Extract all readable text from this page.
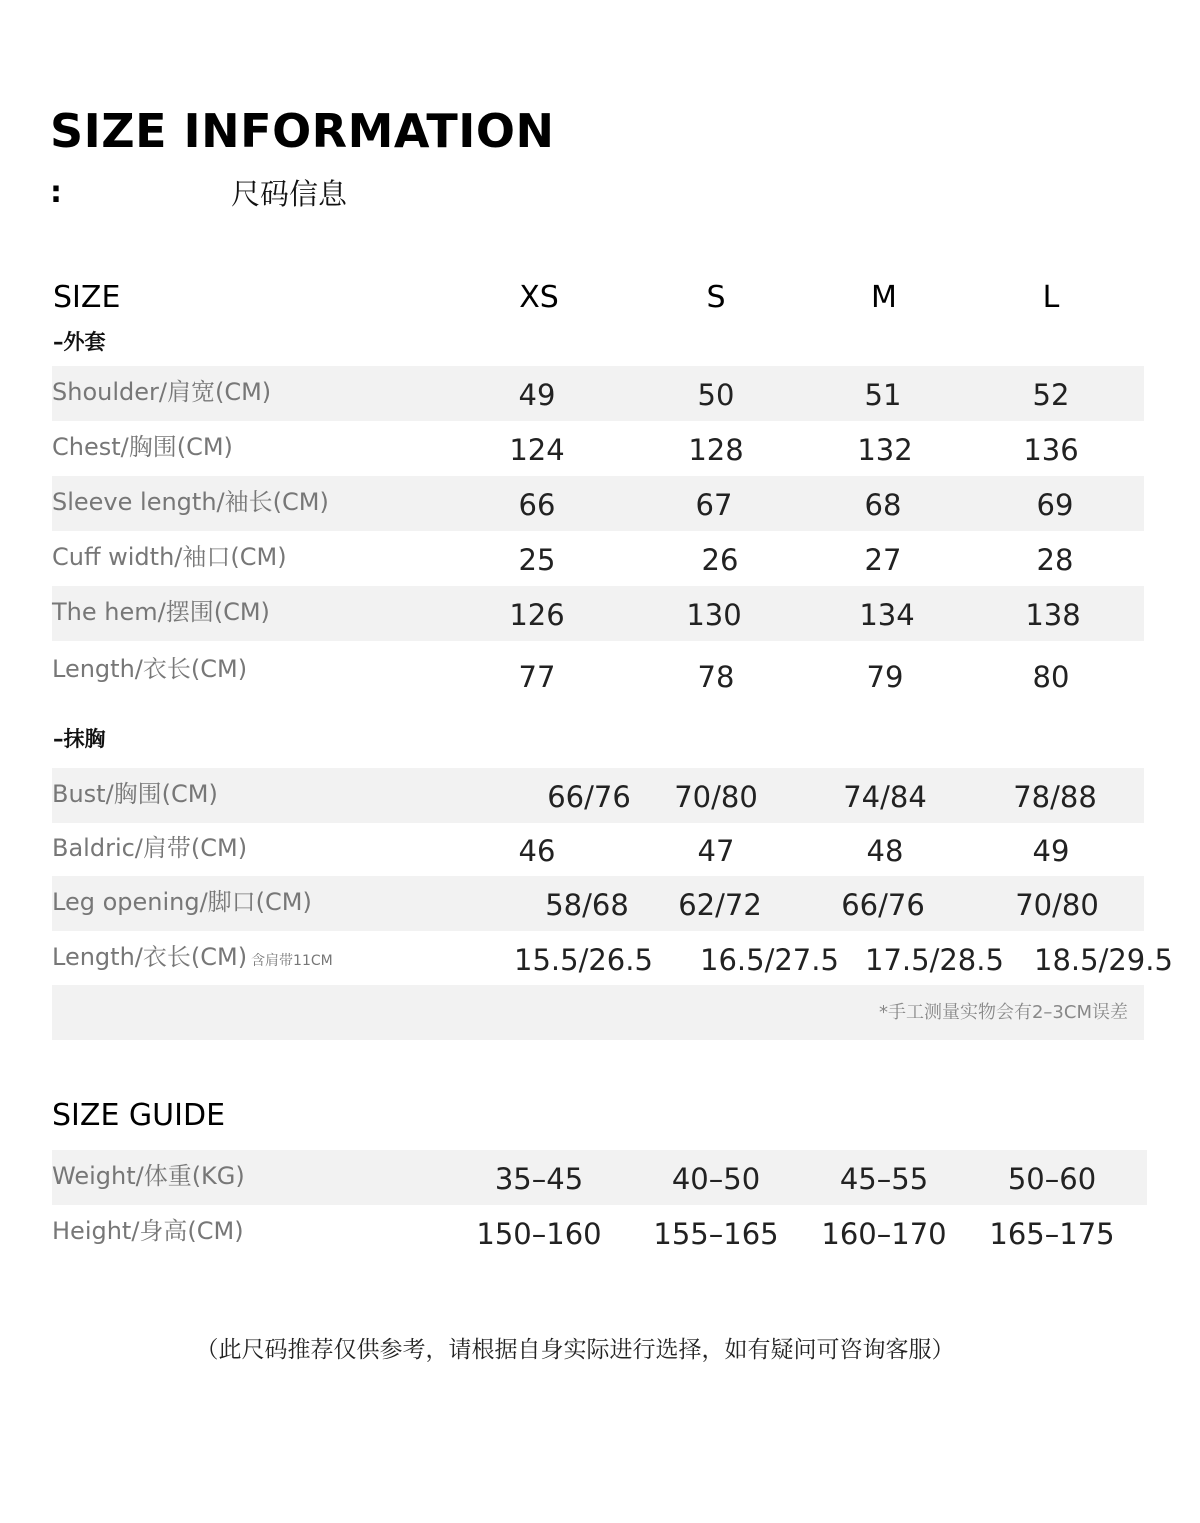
SIZE INFORMATION
:	尺码信息
SIZE	XS	S	M	L
–外套
Shoulder/肩宽(CM)	49	50	51	52
Chest/胸围(CM)	124	128	132	136
Sleeve length/袖长(CM)	66	67	68	69
Cuff width/袖口(CM)	25	26	27	28
The hem/摆围(CM)	126	130	134	138
Length/衣长(CM)	77	78	79	80
–抹胸
Bust/胸围(CM)	66/76	70/80	74/84	78/88
Baldric/肩带(CM)	46	47	48	49
Leg opening/脚口(CM)	58/68	62/72	66/76	70/80
Length/衣长(CM) 含肩带11CM	15.5/26.5	16.5/27.5 17.5/28.5	18.5/29.5
*手工测量实物会有2–3CM误差
SIZE GUIDE
Weight/体重(KG)	35–45	40–50	45–55	50–60
Height/身高(CM)	150–160	155–165	160–170	165–175
（此尺码推荐仅供参考，请根据自身实际进行选择，如有疑问可咨询客服）
